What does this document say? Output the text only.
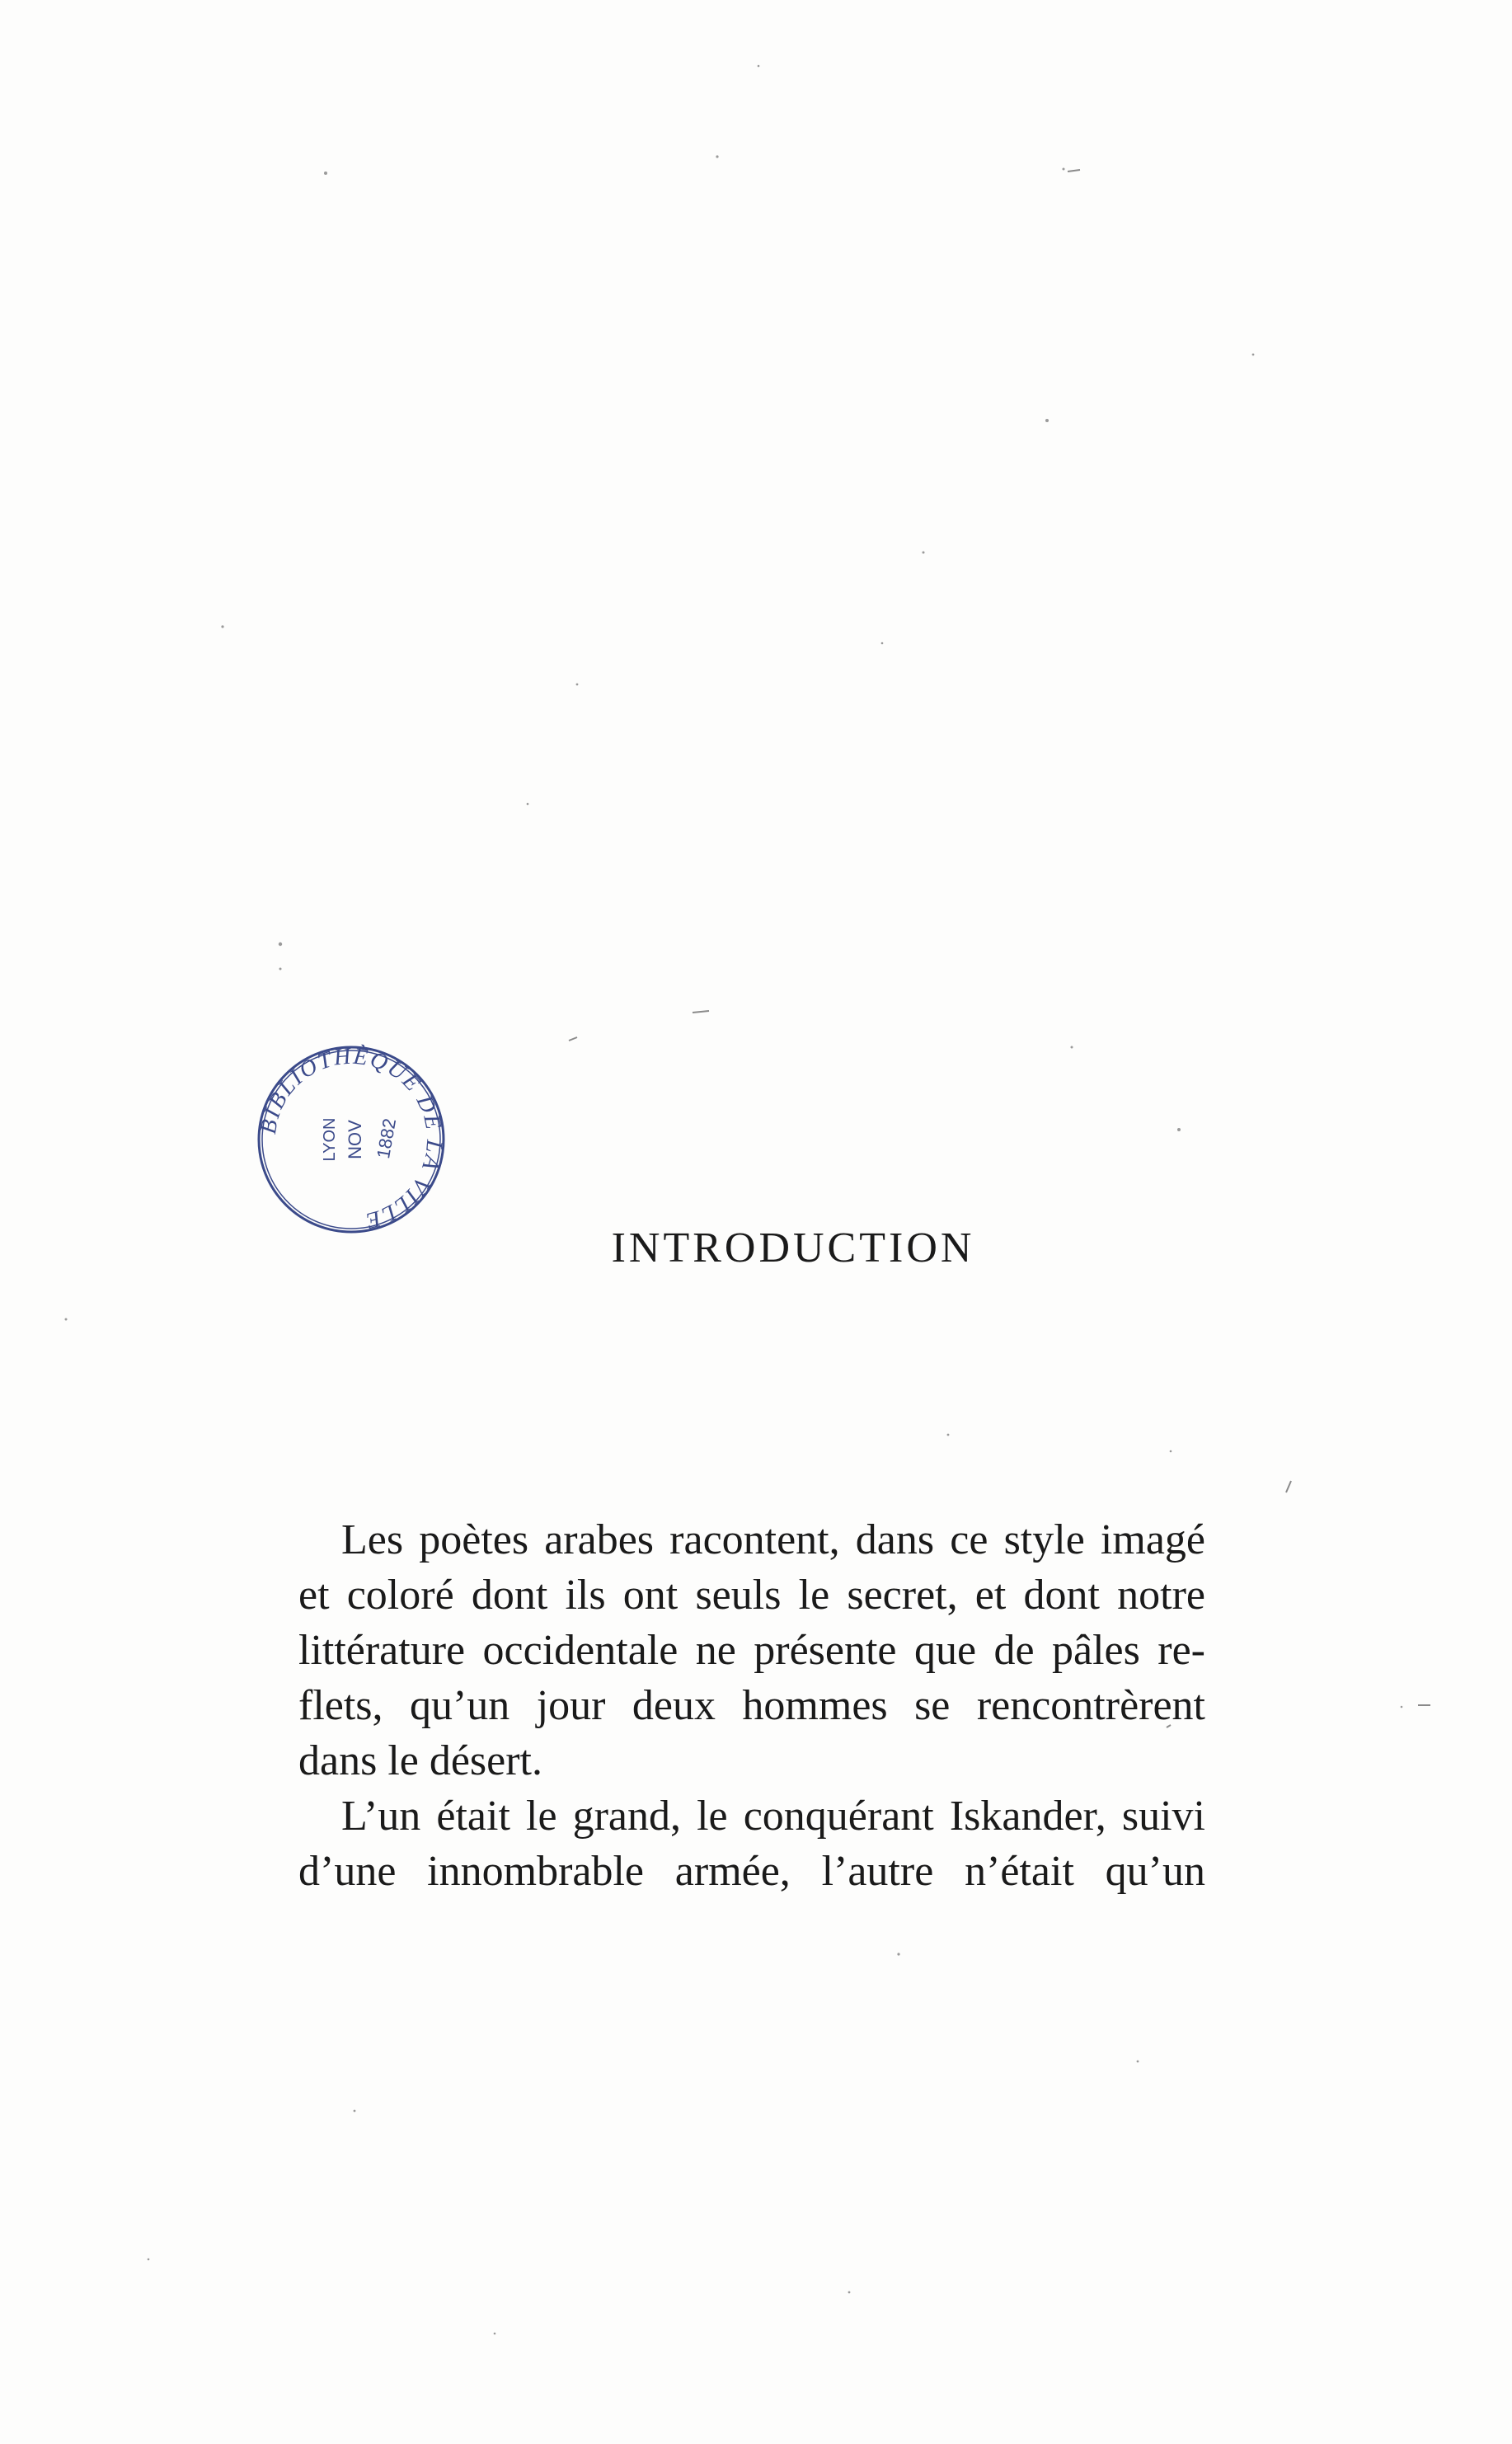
BIBLIOTHÈQUE DE LA VILLE
LYON NOV 1882
INTRODUCTION
Les poètes arabes racontent, dans ce style imagé
et coloré dont ils ont seuls le secret, et dont notre
littérature occidentale ne présente que de pâles re-
flets, qu’un jour deux hommes se rencontrèrent
dans le désert.
L’un était le grand, le conquérant Iskander, suivi
d’une innombrable armée, l’autre n’était qu’un
